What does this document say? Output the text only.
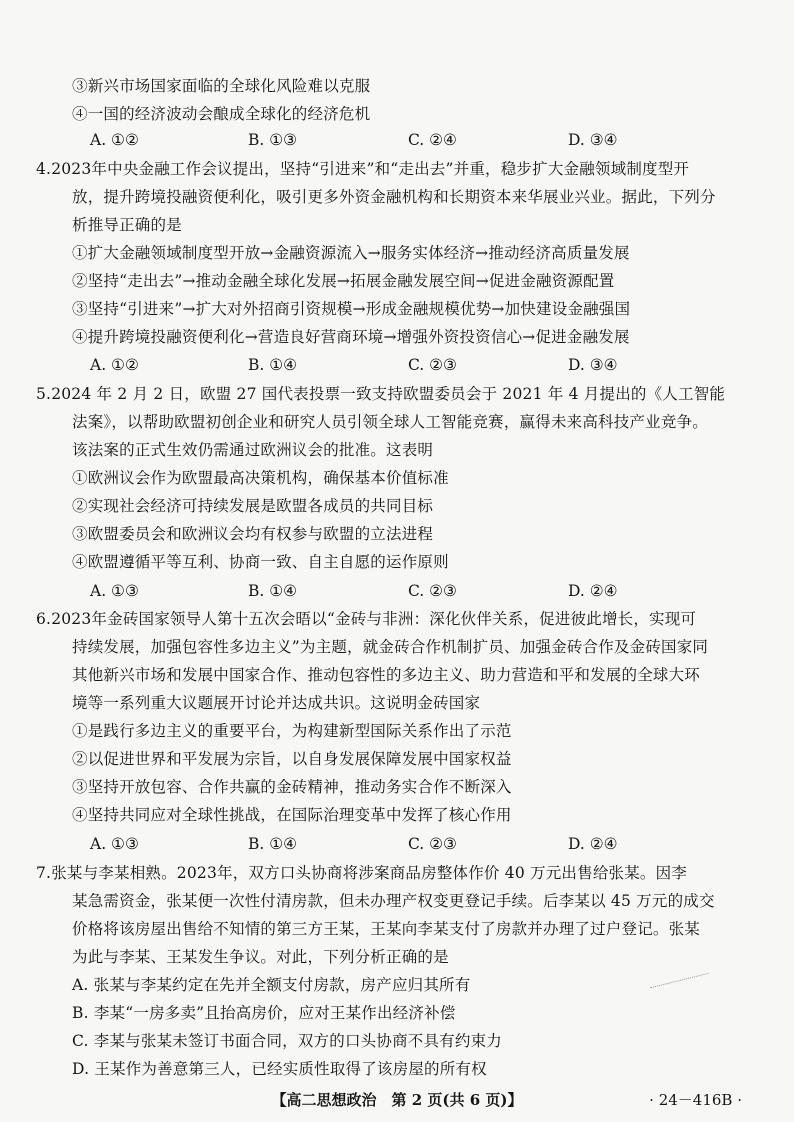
③新兴市场国家面临的全球化风险难以克服
④一国的经济波动会酿成全球化的经济危机
A. ①②	B. ①③	C. ②④	D. ③④
4.2023年中央金融工作会议提出，坚持“引进来”和“走出去”并重，稳步扩大金融领域制度型开
放，提升跨境投融资便利化，吸引更多外资金融机构和长期资本来华展业兴业。据此，下列分
析推导正确的是
①扩大金融领域制度型开放→金融资源流入→服务实体经济→推动经济高质量发展
②坚持“走出去”→推动金融全球化发展→拓展金融发展空间→促进金融资源配置
③坚持“引进来”→扩大对外招商引资规模→形成金融规模优势→加快建设金融强国
④提升跨境投融资便利化→营造良好营商环境→增强外资投资信心→促进金融发展
A. ①②	B. ①④	C. ②③	D. ③④
5.2024 年 2 月 2 日，欧盟 27 国代表投票一致支持欧盟委员会于 2021 年 4 月提出的《人工智能
法案》，以帮助欧盟初创企业和研究人员引领全球人工智能竞赛，赢得未来高科技产业竞争。
该法案的正式生效仍需通过欧洲议会的批准。这表明
①欧洲议会作为欧盟最高决策机构，确保基本价值标准
②实现社会经济可持续发展是欧盟各成员的共同目标
③欧盟委员会和欧洲议会均有权参与欧盟的立法进程
④欧盟遵循平等互利、协商一致、自主自愿的运作原则
A. ①③	B. ①④	C. ②③	D. ②④
6.2023年金砖国家领导人第十五次会晤以“金砖与非洲：深化伙伴关系，促进彼此增长，实现可
持续发展，加强包容性多边主义”为主题，就金砖合作机制扩员、加强金砖合作及金砖国家同
其他新兴市场和发展中国家合作、推动包容性的多边主义、助力营造和平和发展的全球大环
境等一系列重大议题展开讨论并达成共识。这说明金砖国家
①是践行多边主义的重要平台，为构建新型国际关系作出了示范
②以促进世界和平发展为宗旨，以自身发展保障发展中国家权益
③坚持开放包容、合作共赢的金砖精神，推动务实合作不断深入
④坚持共同应对全球性挑战，在国际治理变革中发挥了核心作用
A. ①③	B. ①④	C. ②③	D. ②④
7.张某与李某相熟。2023年，双方口头协商将涉案商品房整体作价 40 万元出售给张某。因李
某急需资金，张某便一次性付清房款，但未办理产权变更登记手续。后李某以 45 万元的成交
价格将该房屋出售给不知情的第三方王某，王某向李某支付了房款并办理了过户登记。张某
为此与李某、王某发生争议。对此，下列分析正确的是
A. 张某与李某约定在先并全额支付房款，房产应归其所有
B. 李某“一房多卖”且抬高房价，应对王某作出经济补偿
C. 李某与张某未签订书面合同，双方的口头协商不具有约束力
D. 王某作为善意第三人，已经实质性取得了该房屋的所有权
【高二思想政治　第 2 页(共 6 页)】	· 24－416B ·
